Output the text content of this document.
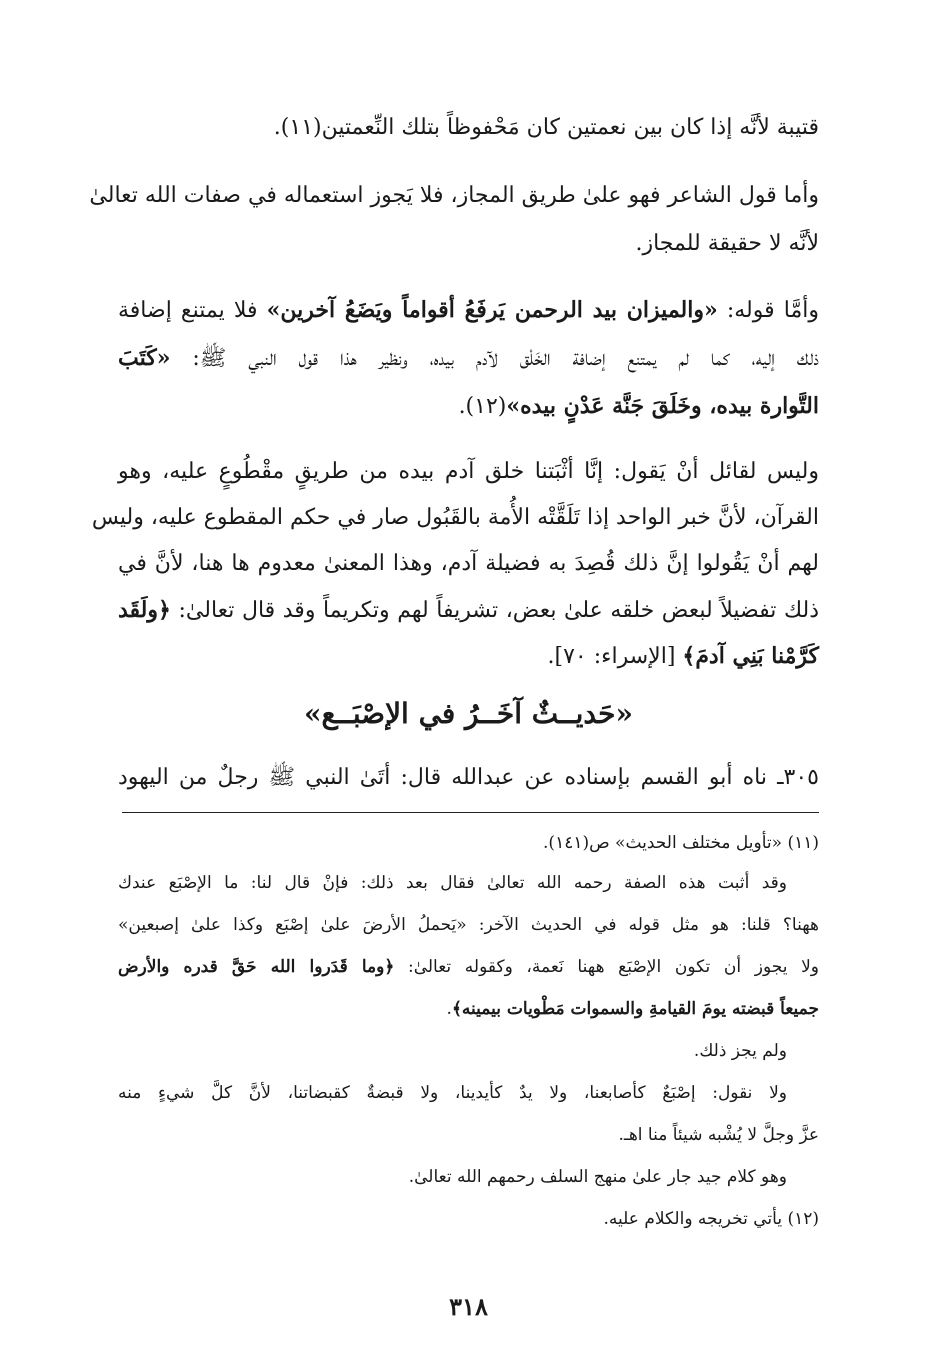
قتيبة لأنَّه إذا كان بين نعمتين كان مَحْفوظاً بتلك النِّعمتين(١١).
وأما قول الشاعر فهو علىٰ طريق المجاز، فلا يَجوز استعماله في صفات الله تعالىٰ
لأنَّه لا حقيقة للمجاز.
وأمَّا قوله: «والميزان بيد الرحمن يَرفَعُ أقواماً ويَضَعُ آخرين» فلا يمتنع إضافة
ذلك إليه، كما لم يمتنع إضافة الخَلْق لآدم بيده، ونظير هذا قول النبي ﷺ: «كَتَبَ
التَّوارة بيده، وخَلَقَ جَنَّة عَدْنٍ بيده»(١٢).
وليس لقائل أنْ يَقول: إنَّا أثْبَتنا خلق آدم بيده من طريقٍ مقْطُوعٍ عليه، وهو
القرآن، لأنَّ خبر الواحد إذا تَلَقَّتْه الأُمة بالقَبُول صار في حكم المقطوع عليه، وليس
لهم أنْ يَقُولوا إنَّ ذلك قُصِدَ به فضيلة آدم، وهذا المعنىٰ معدوم ها هنا، لأنَّ في
ذلك تفضيلاً لبعض خلقه علىٰ بعض، تشريفاً لهم وتكريماً وقد قال تعالىٰ: ﴿ولَقَد
كَرَّمْنا بَنِي آدمَ﴾ [الإسراء: ٧٠].
«حَديــثٌ آخَــرُ في الإصْبَــع»
٣٠٥ـ ناه أبو القسم بإسناده عن عبدالله قال: أتَىٰ النبي ﷺ رجلٌ من اليهود
(١١) «تأويل مختلف الحديث» ص(١٤١).
وقد أثبت هذه الصفة رحمه الله تعالىٰ فقال بعد ذلك: فإنْ قال لنا: ما الإصْبَع عندك
ههنا؟ قلنا: هو مثل قوله في الحديث الآخر: «يَحملُ الأرضَ علىٰ إصْبَع وكذا علىٰ إصبعين»
ولا يجوز أن تكون الإصْبَع ههنا نَعمة، وكقوله تعالىٰ: ﴿وما قَدَروا الله حَقَّ قدره والأرض
جميعاً قبضته يومَ القيامةِ والسموات مَطْويات بيمينه﴾.
ولم يجز ذلك.
ولا نقول: إصْبَعٌ كأصابعنا، ولا يدٌ كأيدينا، ولا قبضةٌ كقبضاتنا، لأنَّ كلَّ شيءٍ منه
عزَّ وجلَّ لا يُشْبه شيئاً منا اهـ.
وهو كلام جيد جار علىٰ منهج السلف رحمهم الله تعالىٰ.
(١٢) يأتي تخريجه والكلام عليه.
٣١٨
